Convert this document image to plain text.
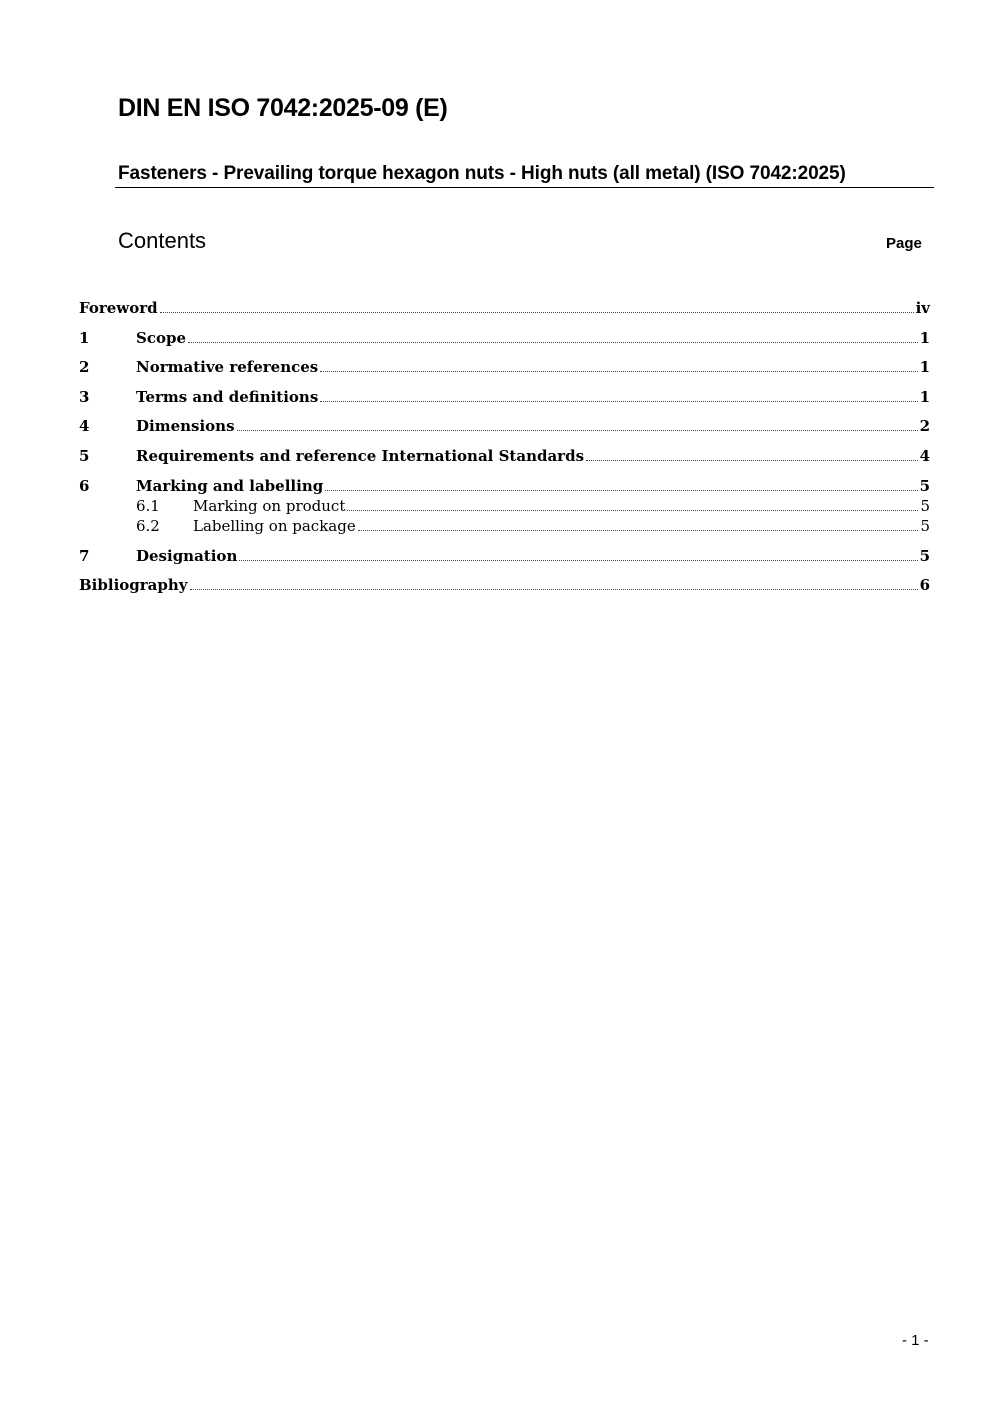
DIN EN ISO 7042:2025-09 (E)
Fasteners - Prevailing torque hexagon nuts - High nuts (all metal) (ISO 7042:2025)
Contents	Page
Foreword	iv
1	Scope	1
2	Normative references	1
3	Terms and definitions	1
4	Dimensions	2
5	Requirements and reference International Standards	4
6	Marking and labelling	5
6.1	Marking on product	5
6.2	Labelling on package	5
7	Designation	5
Bibliography	6
- 1 -
